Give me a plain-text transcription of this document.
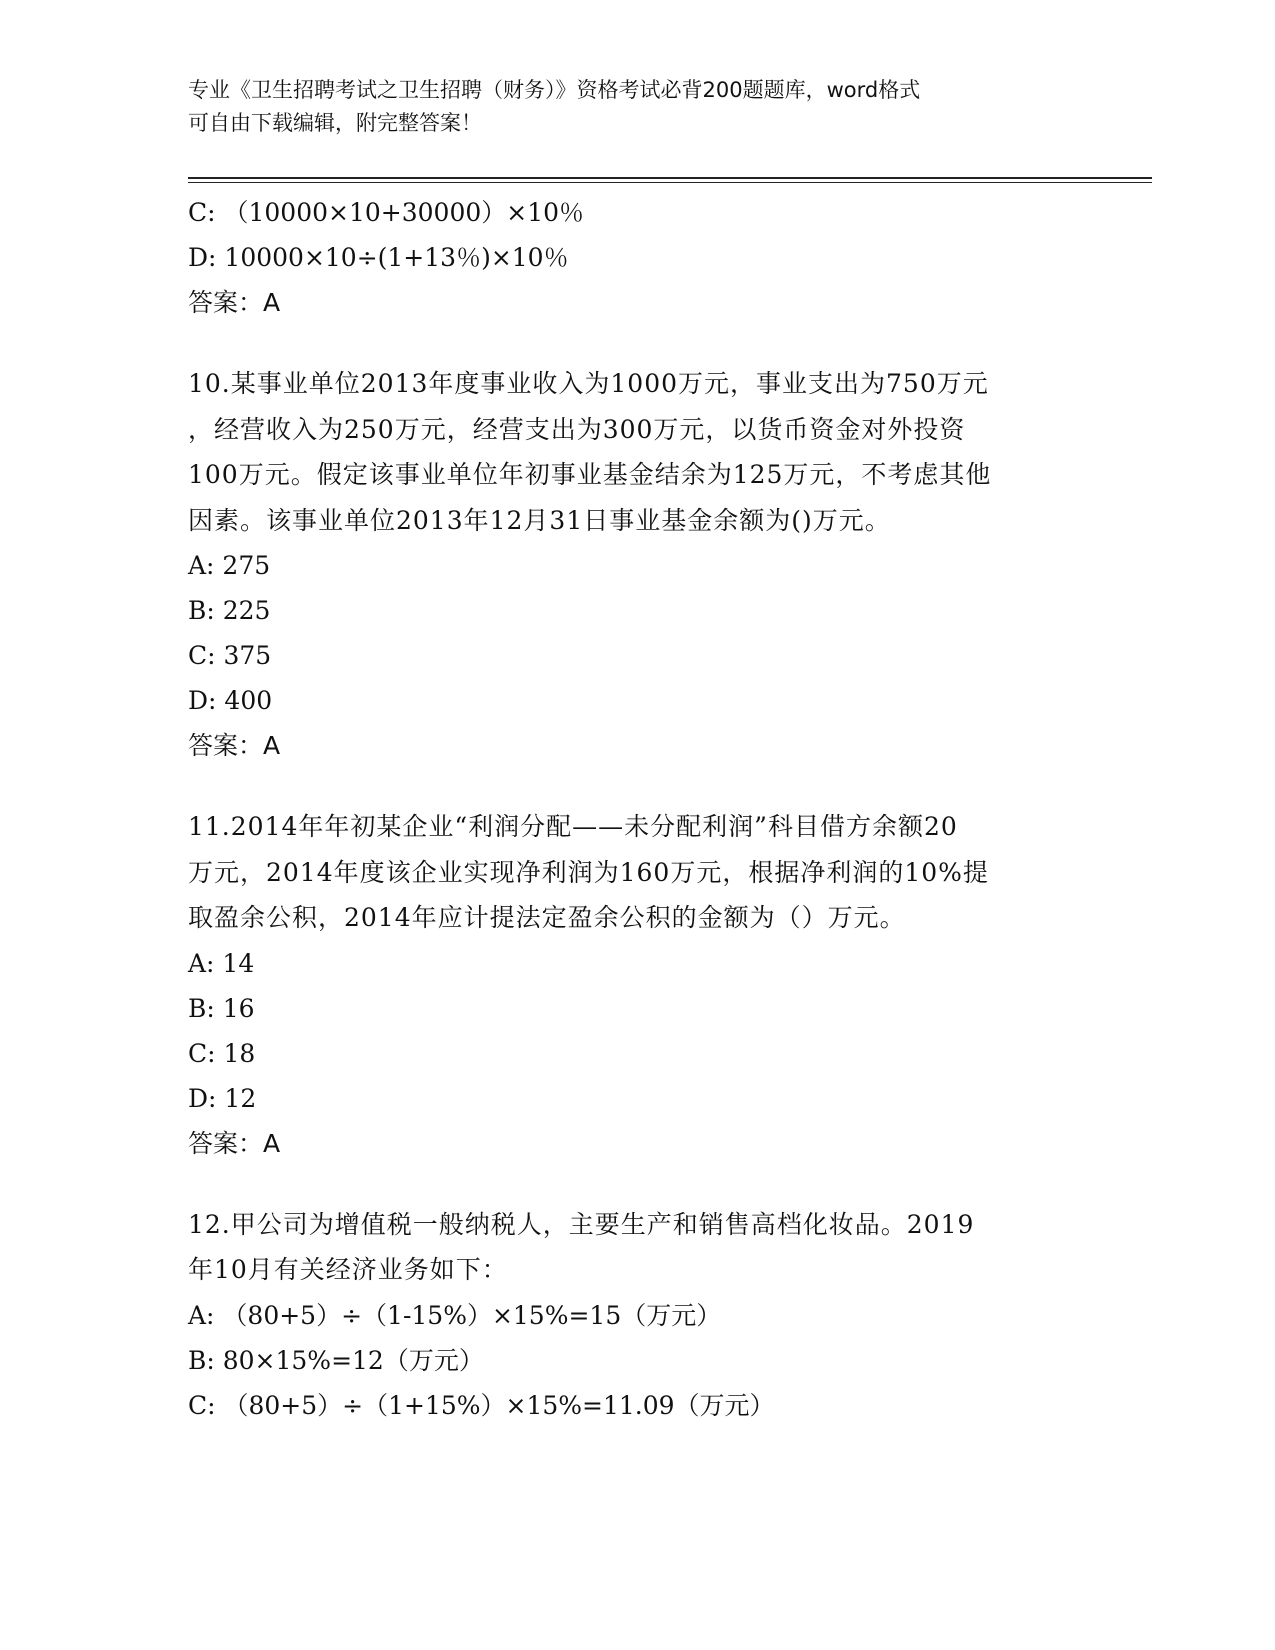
专业《卫生招聘考试之卫生招聘（财务）》资格考试必背200题题库，word格式
可自由下载编辑，附完整答案！
C: （10000×10+30000）×10％
D: 10000×10÷(1+13％)×10％
答案：A
10.某事业单位2013年度事业收入为1000万元，事业支出为750万元
，经营收入为250万元，经营支出为300万元，以货币资金对外投资
100万元。假定该事业单位年初事业基金结余为125万元，不考虑其他
因素。该事业单位2013年12月31日事业基金余额为()万元。
A: 275
B: 225
C: 375
D: 400
答案：A
11.2014年年初某企业“利润分配——未分配利润”科目借方余额20
万元，2014年度该企业实现净利润为160万元，根据净利润的10%提
取盈余公积，2014年应计提法定盈余公积的金额为（）万元。
A: 14
B: 16
C: 18
D: 12
答案：A
12.甲公司为增值税一般纳税人，主要生产和销售高档化妆品。2019
年10月有关经济业务如下：
A: （80+5）÷（1-15%）×15%=15（万元）
B: 80×15%=12（万元）
C: （80+5）÷（1+15%）×15%=11.09（万元）
